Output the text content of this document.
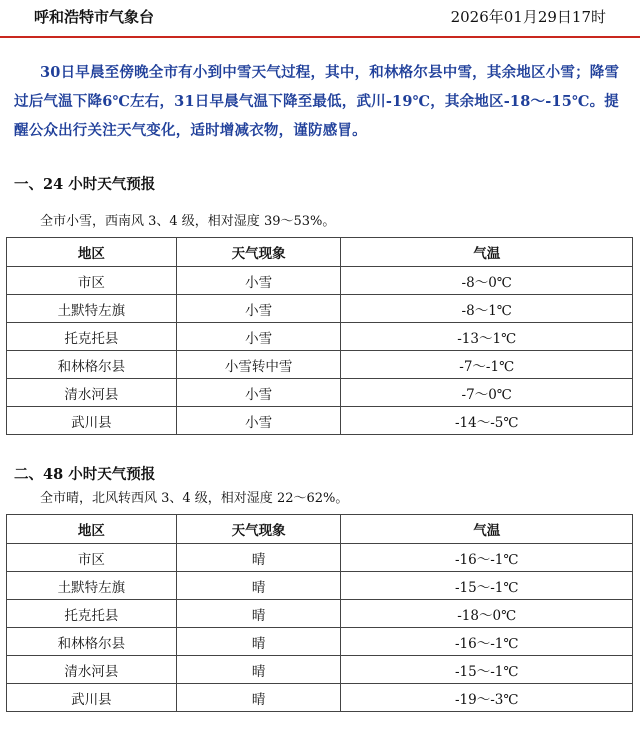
呼和浩特市气象台	2026年01月29日17时
30日早晨至傍晚全市有小到中雪天气过程，其中，和林格尔县中雪，其余地区小雪；降雪过后气温下降6℃左右，31日早晨气温下降至最低，武川-19℃，其余地区-18～-15℃。提醒公众出行关注天气变化，适时增减衣物，谨防感冒。
一、24 小时天气预报
全市小雪，西南风 3、4 级，相对湿度 39～53%。
地区	天气现象	气温
市区	小雪	-8～0℃
土默特左旗	小雪	-8～1℃
托克托县	小雪	-13～1℃
和林格尔县	小雪转中雪	-7～-1℃
清水河县	小雪	-7～0℃
武川县	小雪	-14～-5℃
二、48 小时天气预报
全市晴，北风转西风 3、4 级，相对湿度 22～62%。
地区	天气现象	气温
市区	晴	-16～-1℃
土默特左旗	晴	-15～-1℃
托克托县	晴	-18～0℃
和林格尔县	晴	-16～-1℃
清水河县	晴	-15～-1℃
武川县	晴	-19～-3℃
